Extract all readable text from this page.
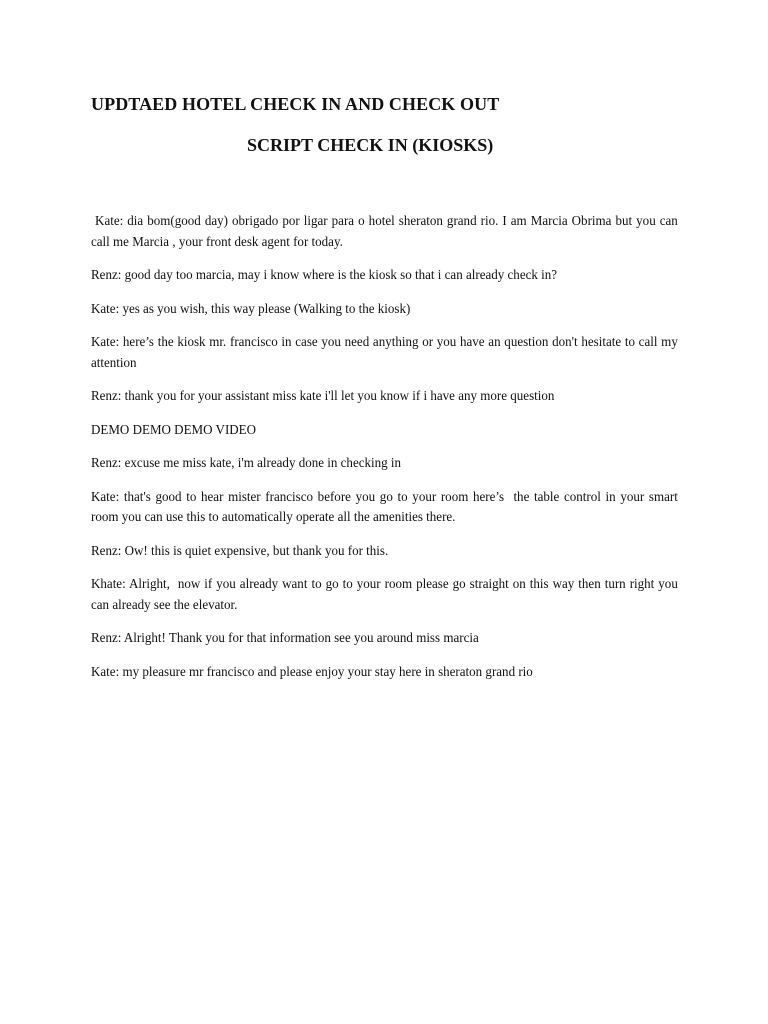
UPDTAED HOTEL CHECK IN AND CHECK OUT
SCRIPT CHECK IN (KIOSKS)

Kate: dia bom(good day) obrigado por ligar para o hotel sheraton grand rio. I am Marcia Obrima but you can call me Marcia , your front desk agent for today.

Renz: good day too marcia, may i know where is the kiosk so that i can already check in?

Kate: yes as you wish, this way please (Walking to the kiosk)

Kate: here’s the kiosk mr. francisco in case you need anything or you have an question don't hesitate to call my attention

Renz: thank you for your assistant miss kate i'll let you know if i have any more question

DEMO DEMO DEMO VIDEO

Renz: excuse me miss kate, i'm already done in checking in

Kate: that's good to hear mister francisco before you go to your room here’s  the table control in your smart room you can use this to automatically operate all the amenities there.

Renz: Ow! this is quiet expensive, but thank you for this.

Khate: Alright,  now if you already want to go to your room please go straight on this way then turn right you can already see the elevator.

Renz: Alright! Thank you for that information see you around miss marcia

Kate: my pleasure mr francisco and please enjoy your stay here in sheraton grand rio
